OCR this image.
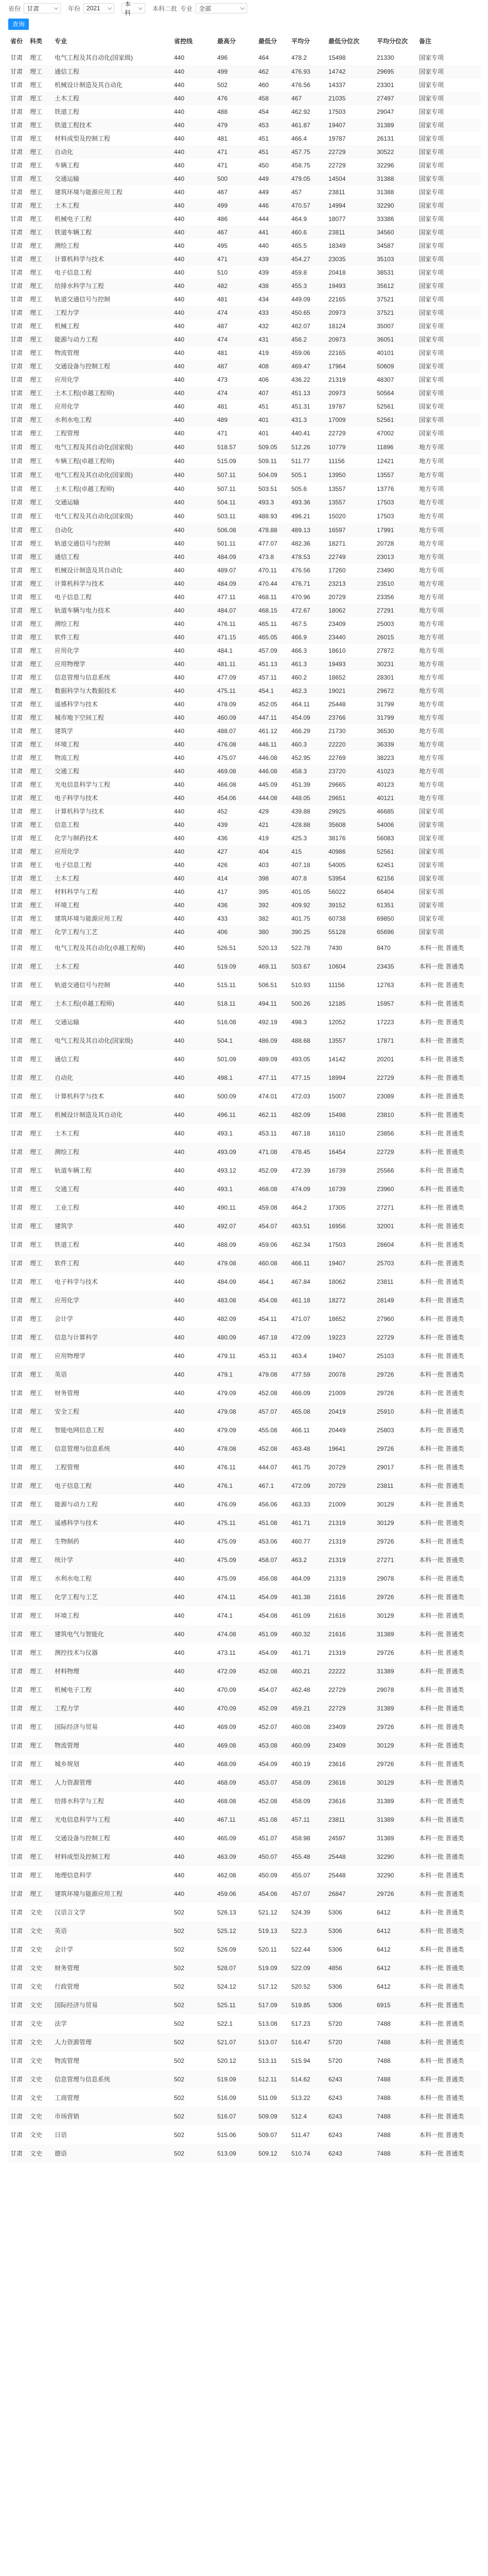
省份 甘肃	年份 2021
本科
本科二批 专业 全部
查询
省份	科类	专业	省控线	最高分	最低分	平均分	最低分位次	平均分位次	备注
甘肃	理工	电气工程及其自动化(国家级)	440	496	464	478.2	15498	21330	国家专项
甘肃	理工	通信工程	440	499	462	476.93	14742	29695	国家专项
甘肃	理工	机械设计制造及其自动化	440	502	460	476.56	14337	23301	国家专项
甘肃	理工	土木工程	440	476	458	467	21035	27497	国家专项
甘肃	理工	铁道工程	440	488	454	462.92	17503	29047	国家专项
甘肃	理工	铁道工程技术	440	479	453	461.87	19407	31389	国家专项
甘肃	理工	材料成型及控制工程	440	481	451	466.4	19787	26131	国家专项
甘肃	理工	自动化	440	471	451	457.75	22729	30522	国家专项
甘肃	理工	车辆工程	440	471	450	458.75	22729	32296	国家专项
甘肃	理工	交通运输	440	500	449	479.05	14504	31388	国家专项
甘肃	理工	建筑环境与能源应用工程	440	467	449	457	23811	31388	国家专项
甘肃	理工	土木工程	440	499	446	470.57	14994	32290	国家专项
甘肃	理工	机械电子工程	440	486	444	464.9	18077	33386	国家专项
甘肃	理工	铁道车辆工程	440	467	441	460.6	23811	34560	国家专项
甘肃	理工	测绘工程	440	495	440	465.5	18349	34587	国家专项
甘肃	理工	计算机科学与技术	440	471	439	454.27	23035	35103	国家专项
甘肃	理工	电子信息工程	440	510	439	459.8	20418	38531	国家专项
甘肃	理工	给排水科学与工程	440	482	438	455.3	19493	35612	国家专项
甘肃	理工	轨道交通信号与控制	440	481	434	449.09	22165	37521	国家专项
甘肃	理工	工程力学	440	474	433	450.65	20973	37521	国家专项
甘肃	理工	机械工程	440	487	432	462.07	18124	35007	国家专项
甘肃	理工	能源与动力工程	440	474	431	456.2	20973	36051	国家专项
甘肃	理工	物流管理	440	481	419	459.06	22165	40101	国家专项
甘肃	理工	交通设备与控制工程	440	487	408	469.47	17964	50609	国家专项
甘肃	理工	应用化学	440	473	406	436.22	21319	48307	国家专项
甘肃	理工	土木工程(卓越工程师)	440	474	407	451.13	20973	50564	国家专项
甘肃	理工	应用化学	440	481	451	451.31	19787	52561	国家专项
甘肃	理工	水利水电工程	440	489	401	431.3	17009	52561	国家专项
甘肃	理工	工程管理	440	471	401	440.41	22729	47002	国家专项
甘肃	理工	电气工程及其自动化(国家级)	440	518.57	509.05	512.26	10779	11896	地方专项
甘肃	理工	车辆工程(卓越工程师)	440	515.09	509.11	511.77	11156	12421	地方专项
甘肃	理工	电气工程及其自动化(国家级)	440	507.11	504.09	505.1	13950	13557	地方专项
甘肃	理工	土木工程(卓越工程师)	440	507.11	503.51	505.6	13557	13776	地方专项
甘肃	理工	交通运输	440	504.11	493.3	493.36	13557	17503	地方专项
甘肃	理工	电气工程及其自动化(国家级)	440	503.11	488.93	496.21	15020	17503	地方专项
甘肃	理工	自动化	440	506.08	478.88	489.13	16597	17991	地方专项
甘肃	理工	轨道交通信号与控制	440	501.11	477.07	482.36	18271	20728	地方专项
甘肃	理工	通信工程	440	484.09	473.8	478.53	22749	23013	地方专项
甘肃	理工	机械设计制造及其自动化	440	489.07	470.11	476.56	17260	23490	地方专项
甘肃	理工	计算机科学与技术	440	484.09	470.44	476.71	23213	23510	地方专项
甘肃	理工	电子信息工程	440	477.11	468.11	470.96	20729	23356	地方专项
甘肃	理工	轨道车辆与电力技术	440	484.07	468.15	472.67	18062	27291	地方专项
甘肃	理工	测绘工程	440	476.11	465.11	467.5	23409	25003	地方专项
甘肃	理工	软件工程	440	471.15	465.05	466.9	23440	26015	地方专项
甘肃	理工	应用化学	440	484.1	457.09	466.3	18610	27872	地方专项
甘肃	理工	应用物理学	440	481.11	451.13	461.3	19493	30231	地方专项
甘肃	理工	信息管理与信息系统	440	477.09	457.11	460.2	18652	28301	地方专项
甘肃	理工	数据科学与大数据技术	440	475.11	454.1	462.3	19021	29672	地方专项
甘肃	理工	遥感科学与技术	440	478.09	452.05	464.11	25448	31799	地方专项
甘肃	理工	城市地下空间工程	440	460.09	447.11	454.09	23766	31799	地方专项
甘肃	理工	建筑学	440	488.07	461.12	466.29	21730	36530	地方专项
甘肃	理工	环境工程	440	476.08	446.11	460.3	22220	36339	地方专项
甘肃	理工	物流工程	440	475.07	446.08	452.95	22769	38223	地方专项
甘肃	理工	交通工程	440	469.08	446.08	458.3	23720	41023	地方专项
甘肃	理工	光电信息科学与工程	440	466.08	445.09	451.39	29665	40123	地方专项
甘肃	理工	电子科学与技术	440	454.06	444.08	448.05	29651	40121	地方专项
甘肃	理工	计算机科学与技术	440	452	429	439.88	29925	46685	国家专项
甘肃	理工	信息工程	440	439	421	428.88	35608	54006	国家专项
甘肃	理工	化学与制药技术	440	436	419	425.3	38176	56083	国家专项
甘肃	理工	应用化学	440	427	404	415	40986	52561	国家专项
甘肃	理工	电子信息工程	440	426	403	407.18	54005	62451	国家专项
甘肃	理工	土木工程	440	414	398	407.8	53954	62156	国家专项
甘肃	理工	材料科学与工程	440	417	395	401.05	56022	66404	国家专项
甘肃	理工	环境工程	440	436	392	409.92	39152	61351	国家专项
甘肃	理工	建筑环境与能源应用工程	440	433	382	401.75	60738	69850	国家专项
甘肃	理工	化学工程与工艺	440	406	380	390.25	55128	65696	国家专项
甘肃	理工	电气工程及其自动化(卓越工程师)	440	526.51	520.13	522.78	7430	8470	本科一批 普通类
甘肃	理工	土木工程	440	519.09	469.11	503.67	10604	23435	本科一批 普通类
甘肃	理工	轨道交通信号与控制	440	515.11	506.51	510.93	11156	12763	本科一批 普通类
甘肃	理工	土木工程(卓越工程师)	440	518.11	494.11	500.26	12185	15957	本科一批 普通类
甘肃	理工	交通运输	440	516.08	492.19	498.3	12052	17223	本科一批 普通类
甘肃	理工	电气工程及其自动化(国家级)	440	504.1	486.09	488.68	13557	17871	本科一批 普通类
甘肃	理工	通信工程	440	501.09	489.09	493.05	14142	20201	本科一批 普通类
甘肃	理工	自动化	440	498.1	477.11	477.15	18994	22729	本科一批 普通类
甘肃	理工	计算机科学与技术	440	500.09	474.01	472.03	15007	23089	本科一批 普通类
甘肃	理工	机械设计制造及其自动化	440	496.11	462.11	482.09	15498	23810	本科一批 普通类
甘肃	理工	土木工程	440	493.1	453.11	467.18	16110	23856	本科一批 普通类
甘肃	理工	测绘工程	440	493.09	471.08	478.45	16454	22729	本科一批 普通类
甘肃	理工	轨道车辆工程	440	493.12	452.09	472.39	16739	25566	本科一批 普通类
甘肃	理工	交通工程	440	493.1	468.08	474.09	16739	23960	本科一批 普通类
甘肃	理工	工业工程	440	490.11	459.08	464.2	17305	27271	本科一批 普通类
甘肃	理工	建筑学	440	492.07	454.07	463.51	16956	32001	本科一批 普通类
甘肃	理工	铁道工程	440	488.09	459.06	462.34	17503	28604	本科一批 普通类
甘肃	理工	软件工程	440	479.08	460.08	466.11	19407	25703	本科一批 普通类
甘肃	理工	电子科学与技术	440	484.09	464.1	467.84	18062	23811	本科一批 普通类
甘肃	理工	应用化学	440	483.08	454.08	461.18	18272	28149	本科一批 普通类
甘肃	理工	会计学	440	482.09	454.11	471.07	18652	27960	本科一批 普通类
甘肃	理工	信息与计算科学	440	480.09	467.18	472.09	19223	22729	本科一批 普通类
甘肃	理工	应用物理学	440	479.11	453.11	463.4	19407	25103	本科一批 普通类
甘肃	理工	英语	440	479.1	479.08	477.59	20078	29726	本科一批 普通类
甘肃	理工	财务管理	440	479.09	452.08	466.09	21009	29726	本科一批 普通类
甘肃	理工	安全工程	440	479.08	457.07	465.08	20419	25910	本科一批 普通类
甘肃	理工	智能电网信息工程	440	479.09	455.08	466.11	20449	25803	本科一批 普通类
甘肃	理工	信息管理与信息系统	440	478.08	452.08	463.48	19641	29726	本科一批 普通类
甘肃	理工	工程管理	440	476.11	444.07	461.75	20729	29017	本科一批 普通类
甘肃	理工	电子信息工程	440	476.1	467.1	472.09	20729	23811	本科一批 普通类
甘肃	理工	能源与动力工程	440	476.09	456.06	463.33	21009	30129	本科一批 普通类
甘肃	理工	遥感科学与技术	440	475.11	451.08	461.71	21319	30129	本科一批 普通类
甘肃	理工	生物制药	440	475.09	453.06	460.77	21319	29726	本科一批 普通类
甘肃	理工	统计学	440	475.09	458.07	463.2	21319	27271	本科一批 普通类
甘肃	理工	水利水电工程	440	475.09	456.08	464.09	21319	29078	本科一批 普通类
甘肃	理工	化学工程与工艺	440	474.11	454.09	461.38	21616	29726	本科一批 普通类
甘肃	理工	环境工程	440	474.1	454.08	461.09	21616	30129	本科一批 普通类
甘肃	理工	建筑电气与智能化	440	474.08	451.09	460.32	21616	31389	本科一批 普通类
甘肃	理工	测控技术与仪器	440	473.11	454.09	461.71	21319	29726	本科一批 普通类
甘肃	理工	材料物理	440	472.09	452.08	460.21	22222	31389	本科一批 普通类
甘肃	理工	机械电子工程	440	470.09	454.07	462.48	22729	29078	本科一批 普通类
甘肃	理工	工程力学	440	470.09	452.09	459.21	22729	31389	本科一批 普通类
甘肃	理工	国际经济与贸易	440	469.09	452.07	460.08	23409	29726	本科一批 普通类
甘肃	理工	物流管理	440	469.08	453.08	460.09	23409	30129	本科一批 普通类
甘肃	理工	城乡规划	440	468.09	454.09	460.19	23616	29726	本科一批 普通类
甘肃	理工	人力资源管理	440	468.09	453.07	458.09	23616	30129	本科一批 普通类
甘肃	理工	给排水科学与工程	440	468.08	452.08	458.09	23616	31389	本科一批 普通类
甘肃	理工	光电信息科学与工程	440	467.11	451.08	457.11	23811	31389	本科一批 普通类
甘肃	理工	交通设备与控制工程	440	465.09	451.07	458.98	24597	31389	本科一批 普通类
甘肃	理工	材料成型及控制工程	440	463.09	450.07	455.48	25448	32290	本科一批 普通类
甘肃	理工	地理信息科学	440	462.08	450.09	455.07	25448	32290	本科一批 普通类
甘肃	理工	建筑环境与能源应用工程	440	459.06	454.06	457.07	26847	29726	本科一批 普通类
甘肃	文史	汉语言文学	502	526.13	521.12	524.39	5306	6412	本科一批 普通类
甘肃	文史	英语	502	525.12	519.13	522.3	5306	6412	本科一批 普通类
甘肃	文史	会计学	502	526.09	520.11	522.44	5306	6412	本科一批 普通类
甘肃	文史	财务管理	502	528.07	519.09	522.09	4856	6412	本科一批 普通类
甘肃	文史	行政管理	502	524.12	517.12	520.52	5306	6412	本科一批 普通类
甘肃	文史	国际经济与贸易	502	525.11	517.09	519.85	5306	6915	本科一批 普通类
甘肃	文史	法学	502	522.1	513.08	517.23	5720	7488	本科一批 普通类
甘肃	文史	人力资源管理	502	521.07	513.07	516.47	5720	7488	本科一批 普通类
甘肃	文史	物流管理	502	520.12	513.11	515.94	5720	7488	本科一批 普通类
甘肃	文史	信息管理与信息系统	502	519.09	512.11	514.62	6243	7488	本科一批 普通类
甘肃	文史	工商管理	502	516.09	511.09	513.22	6243	7488	本科一批 普通类
甘肃	文史	市场营销	502	516.07	509.09	512.4	6243	7488	本科一批 普通类
甘肃	文史	日语	502	515.06	509.07	511.47	6243	7488	本科一批 普通类
甘肃	文史	德语	502	513.09	509.12	510.74	6243	7488	本科一批 普通类
